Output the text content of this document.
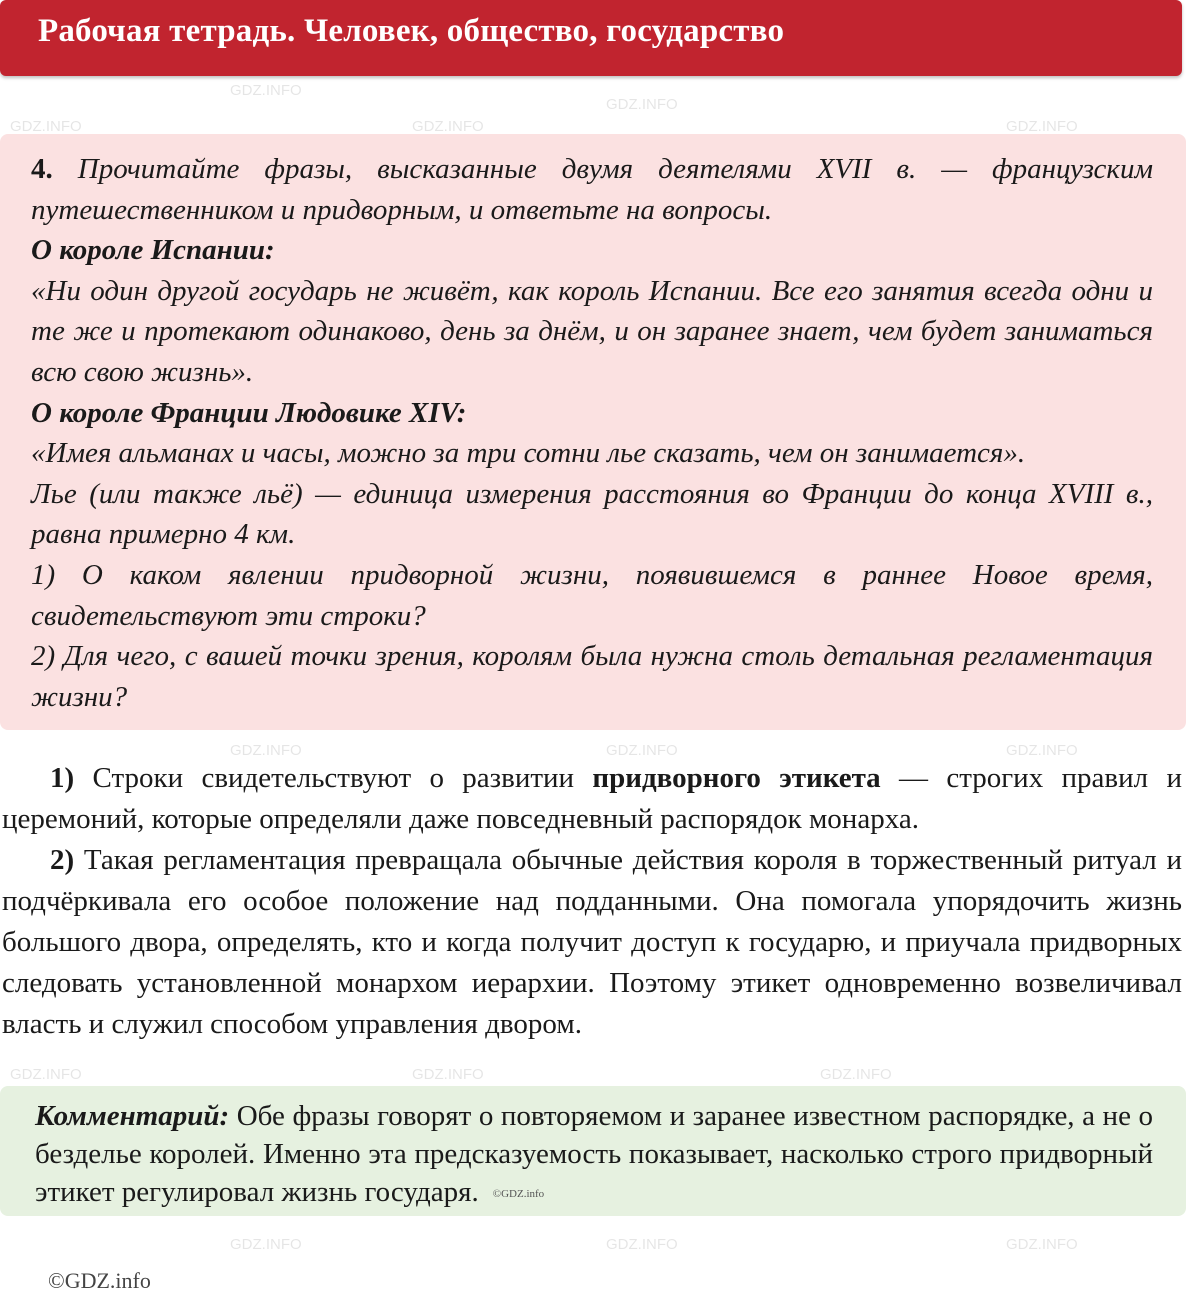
GDZ.INFO
GDZ.INFO
GDZ.INFO
GDZ.INFO	GDZ.INFO
GDZ.INFO	GDZ.INFO	GDZ.INFO
GDZ.INFO	GDZ.INFO	GDZ.INFO
GDZ.INFO	GDZ.INFO	GDZ.INFO
Рабочая тетрадь. Человек, общество, государство

4. Прочитайте фразы, высказанные двумя деятелями XVII в. — французским путешественником и придворным, и ответьте на вопросы.

О короле Испании:

«Ни один другой государь не живёт, как король Испании. Все его занятия всегда одни и те же и протекают одинаково, день за днём, и он заранее знает, чем будет заниматься всю свою жизнь».

О короле Франции Людовике XIV:

«Имея альманах и часы, можно за три сотни лье сказать, чем он занимается».

Лье (или также льё) — единица измерения расстояния во Франции до конца XVIII в., равна примерно 4 км.

1) О каком явлении придворной жизни, появившемся в раннее Новое время, свидетельствуют эти строки?

2) Для чего, с вашей точки зрения, королям была нужна столь детальная регламентация жизни?

1) Строки свидетельствуют о развитии придворного этикета — строгих правил и церемоний, которые определяли даже повседневный распорядок монарха.

2) Такая регламентация превращала обычные действия короля в торжественный ритуал и подчёркивала его особое положение над подданными. Она помогала упорядочить жизнь большого двора, определять, кто и когда получит доступ к государю, и приучала придворных следовать установленной монархом иерархии. Поэтому этикет одновременно возвеличивал власть и служил способом управления двором.

Комментарий: Обе фразы говорят о повторяемом и заранее известном распорядке, а не о безделье королей. Именно эта предсказуемость показывает, насколько строго придворный этикет регулировал жизнь государя. ©GDZ.info
©GDZ.info
